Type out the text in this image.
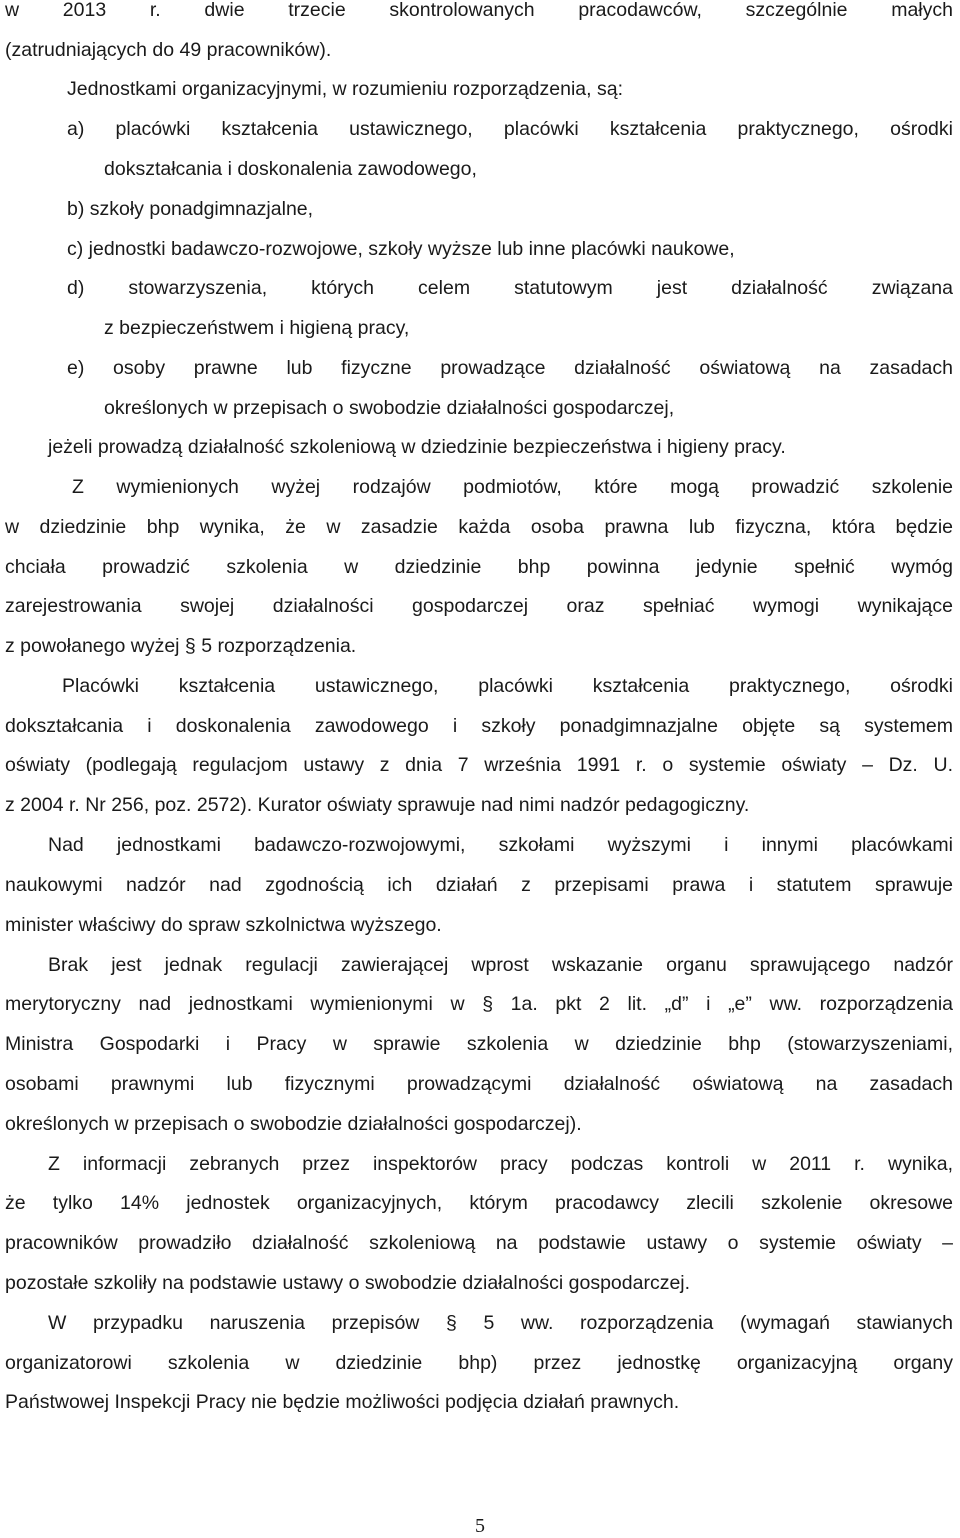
w 2013 r. dwie trzecie skontrolowanych pracodawców, szczególnie małych
(zatrudniających do 49 pracowników).
Jednostkami organizacyjnymi, w rozumieniu rozporządzenia, są:
a) placówki kształcenia ustawicznego, placówki kształcenia praktycznego, ośrodki
dokształcania i doskonalenia zawodowego,
b) szkoły ponadgimnazjalne,
c) jednostki badawczo-rozwojowe, szkoły wyższe lub inne placówki naukowe,
d) stowarzyszenia, których celem statutowym jest działalność związana
z bezpieczeństwem i higieną pracy,
e) osoby prawne lub fizyczne prowadzące działalność oświatową na zasadach
określonych w przepisach o swobodzie działalności gospodarczej,
jeżeli prowadzą działalność szkoleniową w dziedzinie bezpieczeństwa i higieny pracy.
Z wymienionych wyżej rodzajów podmiotów, które mogą prowadzić szkolenie
w dziedzinie bhp wynika, że w zasadzie każda osoba prawna lub fizyczna, która będzie
chciała prowadzić szkolenia w dziedzinie bhp powinna jedynie spełnić wymóg
zarejestrowania swojej działalności gospodarczej oraz spełniać wymogi wynikające
z powołanego wyżej § 5 rozporządzenia.
Placówki kształcenia ustawicznego, placówki kształcenia praktycznego, ośrodki
dokształcania i doskonalenia zawodowego i szkoły ponadgimnazjalne objęte są systemem
oświaty (podlegają regulacjom ustawy z dnia 7 września 1991 r. o systemie oświaty – Dz. U.
z 2004 r. Nr 256, poz. 2572). Kurator oświaty sprawuje nad nimi nadzór pedagogiczny.
Nad jednostkami badawczo-rozwojowymi, szkołami wyższymi i innymi placówkami
naukowymi nadzór nad zgodnością ich działań z przepisami prawa i statutem sprawuje
minister właściwy do spraw szkolnictwa wyższego.
Brak jest jednak regulacji zawierającej wprost wskazanie organu sprawującego nadzór
merytoryczny nad jednostkami wymienionymi w § 1a. pkt 2 lit. „d” i „e” ww. rozporządzenia
Ministra Gospodarki i Pracy w sprawie szkolenia w dziedzinie bhp (stowarzyszeniami,
osobami prawnymi lub fizycznymi prowadzącymi działalność oświatową na zasadach
określonych w przepisach o swobodzie działalności gospodarczej).
Z informacji zebranych przez inspektorów pracy podczas kontroli w 2011 r. wynika,
że tylko 14% jednostek organizacyjnych, którym pracodawcy zlecili szkolenie okresowe
pracowników prowadziło działalność szkoleniową na podstawie ustawy o systemie oświaty –
pozostałe szkoliły na podstawie ustawy o swobodzie działalności gospodarczej.
W przypadku naruszenia przepisów § 5 ww. rozporządzenia (wymagań stawianych
organizatorowi szkolenia w dziedzinie bhp) przez jednostkę organizacyjną organy
Państwowej Inspekcji Pracy nie będzie możliwości podjęcia działań prawnych.
5
